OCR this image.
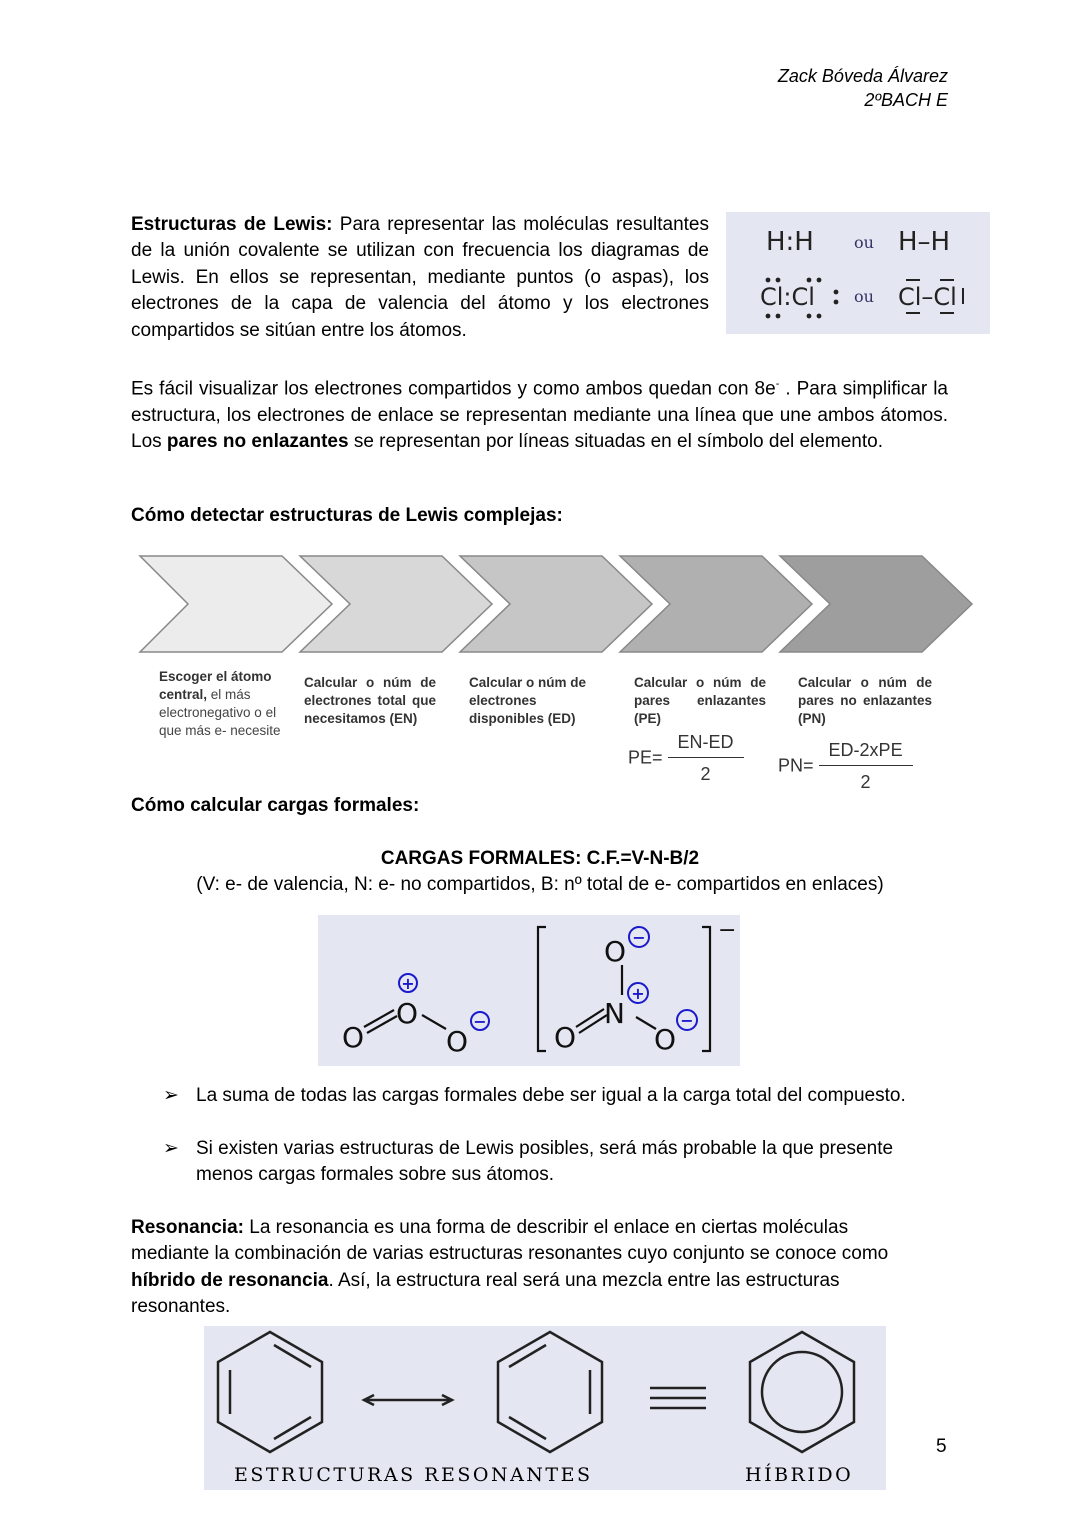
Zack Bóveda Álvarez
2ºBACH E
Estructuras de Lewis: Para representar las moléculas resultantes de la unión covalente se utilizan con frecuencia los diagramas de Lewis. En ellos se representan, mediante puntos (o aspas), los electrones de la capa de valencia del átomo y los electrones compartidos se sitúan entre los átomos.
H:H	ou H–H
Cl:Cl ou Cl–Cl
Es fácil visualizar los electrones compartidos y como ambos quedan con 8e- . Para simplificar la estructura, los electrones de enlace se representan mediante una línea que une ambos átomos. Los pares no enlazantes se representan por líneas situadas en el símbolo del elemento.
Cómo detectar estructuras de Lewis complejas:
Escoger el átomo central, el más electronegativo o el que más e- necesite
Calcular o núm de electrones total que necesitamos (EN)
Calcular o núm de electrones disponibles (ED)
Calcular o núm de pares enlazantes (PE)
Calcular o núm de pares no enlazantes (PN)
$PE= \frac{EN-ED}{2} PN= \frac{\text{ED-2xPE}}{2}$
Cómo calcular cargas formales:
CARGAS FORMALES: C.F.=V-N-B/2
(V: e- de valencia, N: e- no compartidos, B: nº total de e- compartidos en enlaces)
O
O
O
O
N
O	O
+
−
−
+
−
−
➢ La suma de todas las cargas formales debe ser igual a la carga total del compuesto.
➢ Si existen varias estructuras de Lewis posibles, será más probable la que presente menos cargas formales sobre sus átomos.
Resonancia: La resonancia es una forma de describir el enlace en ciertas moléculas mediante la combinación de varias estructuras resonantes cuyo conjunto se conoce como híbrido de resonancia. Así, la estructura real será una mezcla entre las estructuras resonantes.
ESTRUCTURAS RESONANTES	HÍBRIDO
5
